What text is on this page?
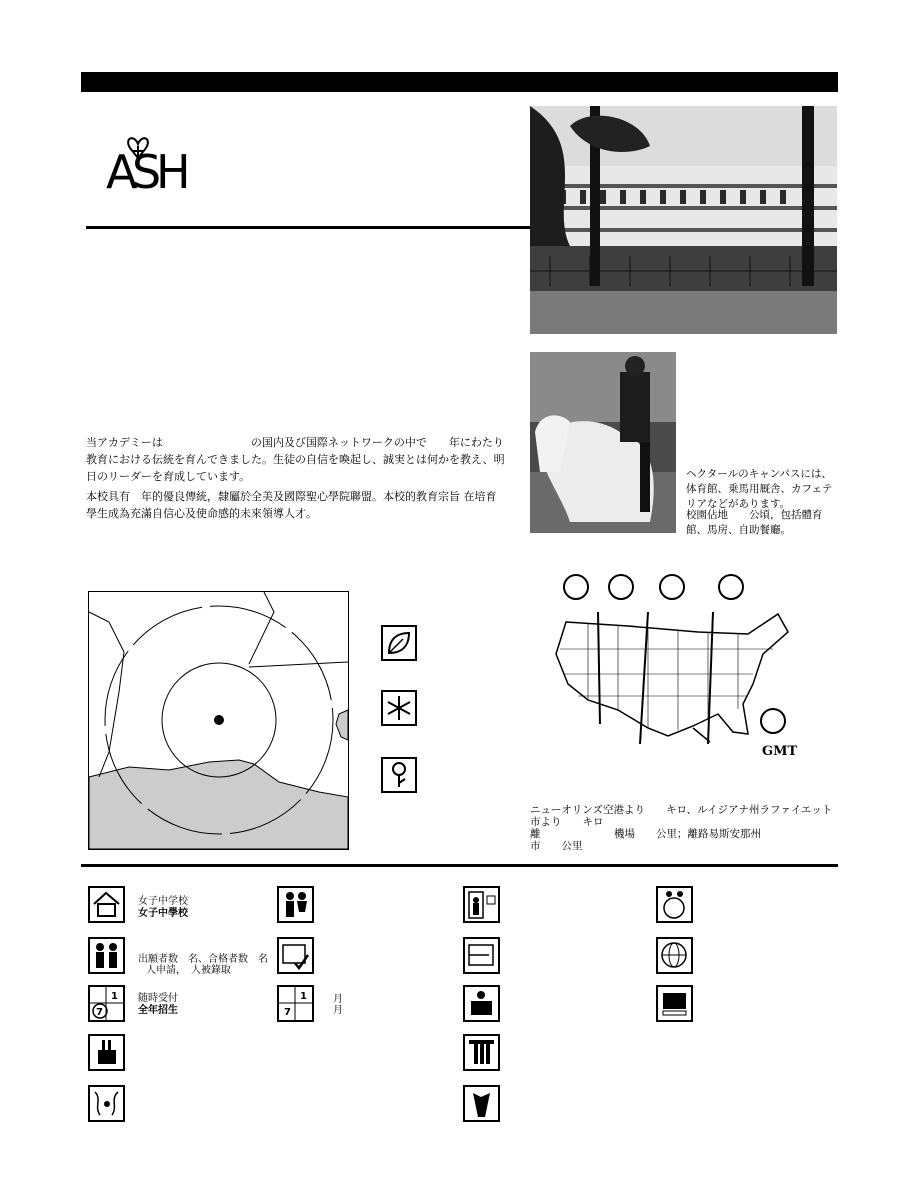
A
S
H
当アカデミーは　　　　　　　　の国内及び国際ネットワークの中で　　年にわたり教育における伝統を育んできました。生徒の自信を喚起し、誠実とは何かを教え、明日のリーダーを育成しています。
本校具有　年的優良傳統，隸屬於全美及國際聖心學院聯盟。本校的教育宗旨 在培育學生成為充滿自信心及使命感的未來領導人才。
ヘクタールのキャンパスには、体育館、乗馬用厩舎、カフェテリアなどがあります。
校園佔地　　公頃，包括體育館、馬房、自助餐廳。
GMT
ニューオリンズ空港より　　キロ、ルイジアナ州ラファイエット市より　　キロ
離　　　　　　　機場　　公里；離路易斯安那州
市　　公里
女子中学校
女子中學校
出願者数　名、合格者数　名
人申請，　人被錄取
7
1 随時受付
全年招生	7
1	月
月
